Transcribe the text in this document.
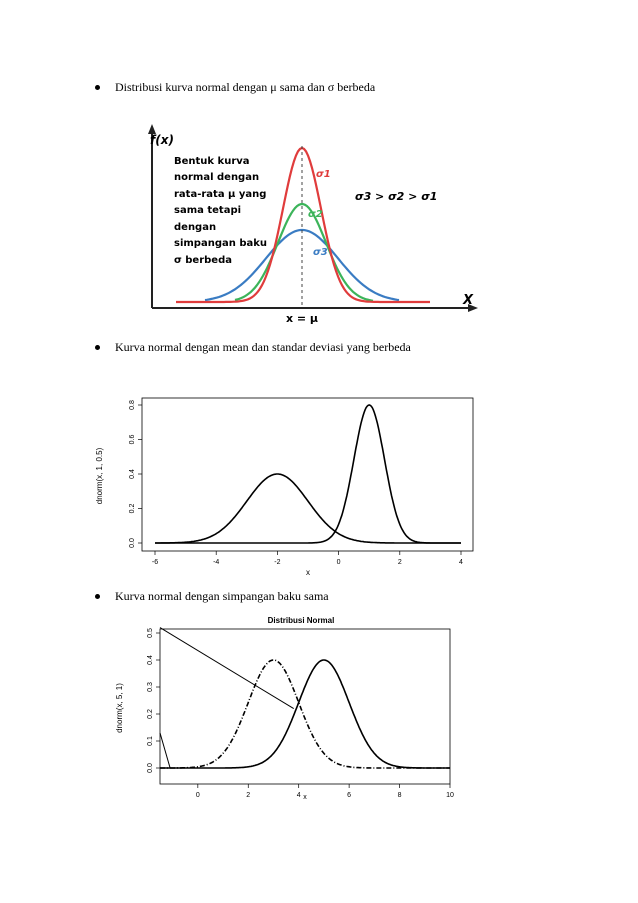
Distribusi kurva normal dengan μ sama dan σ berbeda
f(x)
X
x = μ
Bentuk kurva
normal dengan
rata-rata μ yang
sama tetapi
dengan
simpangan baku
σ berbeda
σ3 > σ2 > σ1
σ1
σ2
σ3
Kurva normal dengan mean dan standar deviasi yang berbeda
-6	-4	-2	0	2	4
0.0
0.2
0.4
0.6
0.8
dnorm(x, 1, 0.5)
x
Kurva normal dengan simpangan baku sama
Distribusi Normal
0	2	4	6	8	10
0.0
0.1
0.2
0.3
0.4
0.5
dnorm(x, 5, 1)
x
